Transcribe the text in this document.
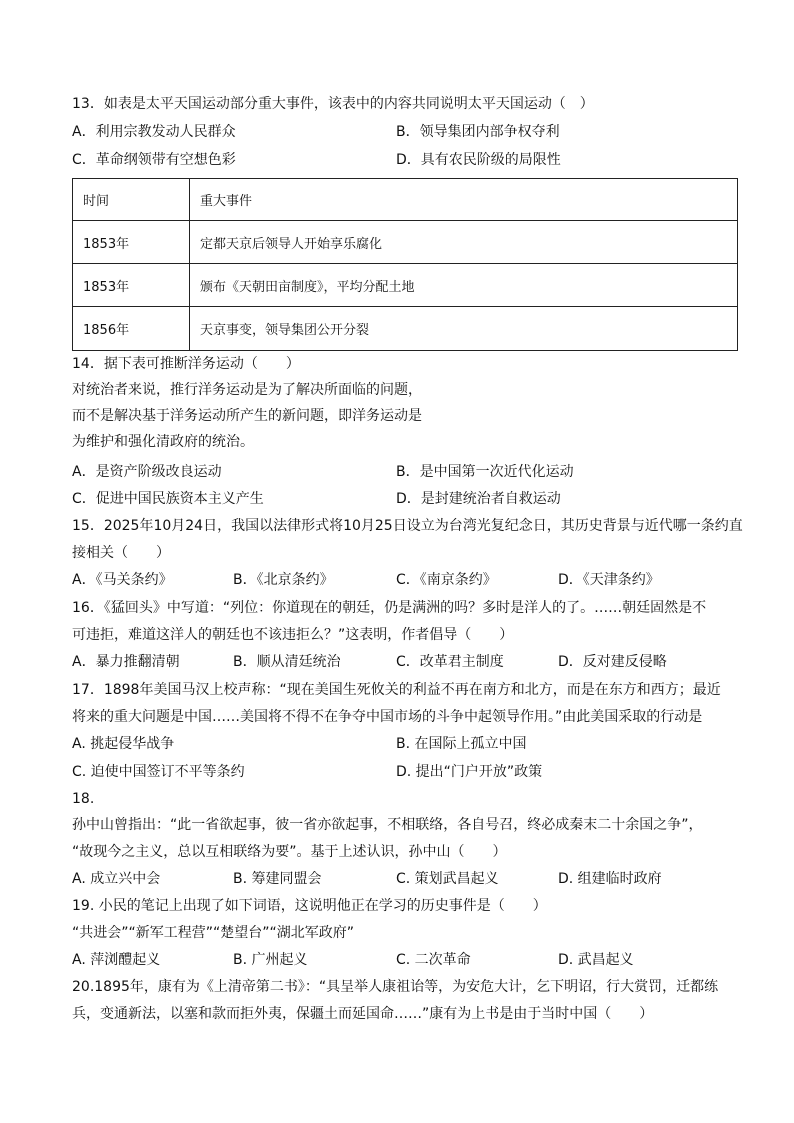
13．如表是太平天国运动部分重大事件，该表中的内容共同说明太平天国运动（　）
A．利用宗教发动人民群众	B．领导集团内部争权夺利
C．革命纲领带有空想色彩	D．具有农民阶级的局限性
时间	重大事件
1853年	定都天京后领导人开始享乐腐化
1853年	颁布《天朝田亩制度》，平均分配土地
1856年	天京事变，领导集团公开分裂
14．据下表可推断洋务运动（　　）
对统治者来说，推行洋务运动是为了解决所面临的问题，
而不是解决基于洋务运动所产生的新问题，即洋务运动是
为维护和强化清政府的统治。
A．是资产阶级改良运动	B．是中国第一次近代化运动
C．促进中国民族资本主义产生	D．是封建统治者自救运动
15．2025年10月24日，我国以法律形式将10月25日设立为台湾光复纪念日，其历史背景与近代哪一条约直
接相关（　　）
A．《马关条约》	B．《北京条约》	C．《南京条约》	D．《天津条约》
16．《猛回头》中写道：“列位：你道现在的朝廷，仍是满洲的吗？多时是洋人的了。……朝廷固然是不
可违拒，难道这洋人的朝廷也不该违拒么？”这表明，作者倡导（　　）
A．暴力推翻清朝	B．顺从清廷统治	C．改革君主制度	D．反对建反侵略
17．1898年美国马汉上校声称：“现在美国生死攸关的利益不再在南方和北方，而是在东方和西方；最近
将来的重大问题是中国……美国将不得不在争夺中国市场的斗争中起领导作用。”由此美国采取的行动是
A. 挑起侵华战争	B. 在国际上孤立中国
C. 迫使中国签订不平等条约	D. 提出“门户开放”政策
18.
孙中山曾指出：“此一省欲起事，彼一省亦欲起事，不相联络，各自号召，终必成秦末二十余国之争”，
“故现今之主义，总以互相联络为要”。基于上述认识，孙中山（　　）
A. 成立兴中会	B. 筹建同盟会	C. 策划武昌起义	D. 组建临时政府
19. 小民的笔记上出现了如下词语，这说明他正在学习的历史事件是（　　）
“共进会”“新军工程营”“楚望台”“湖北军政府”
A. 萍浏醴起义	B. 广州起义	C. 二次革命	D. 武昌起义
20.1895年，康有为《上清帝第二书》：“具呈举人康祖诒等，为安危大计，乞下明诏，行大赏罚，迁都练
兵，变通新法，以塞和款而拒外夷，保疆土而延国命……”康有为上书是由于当时中国（　　）
